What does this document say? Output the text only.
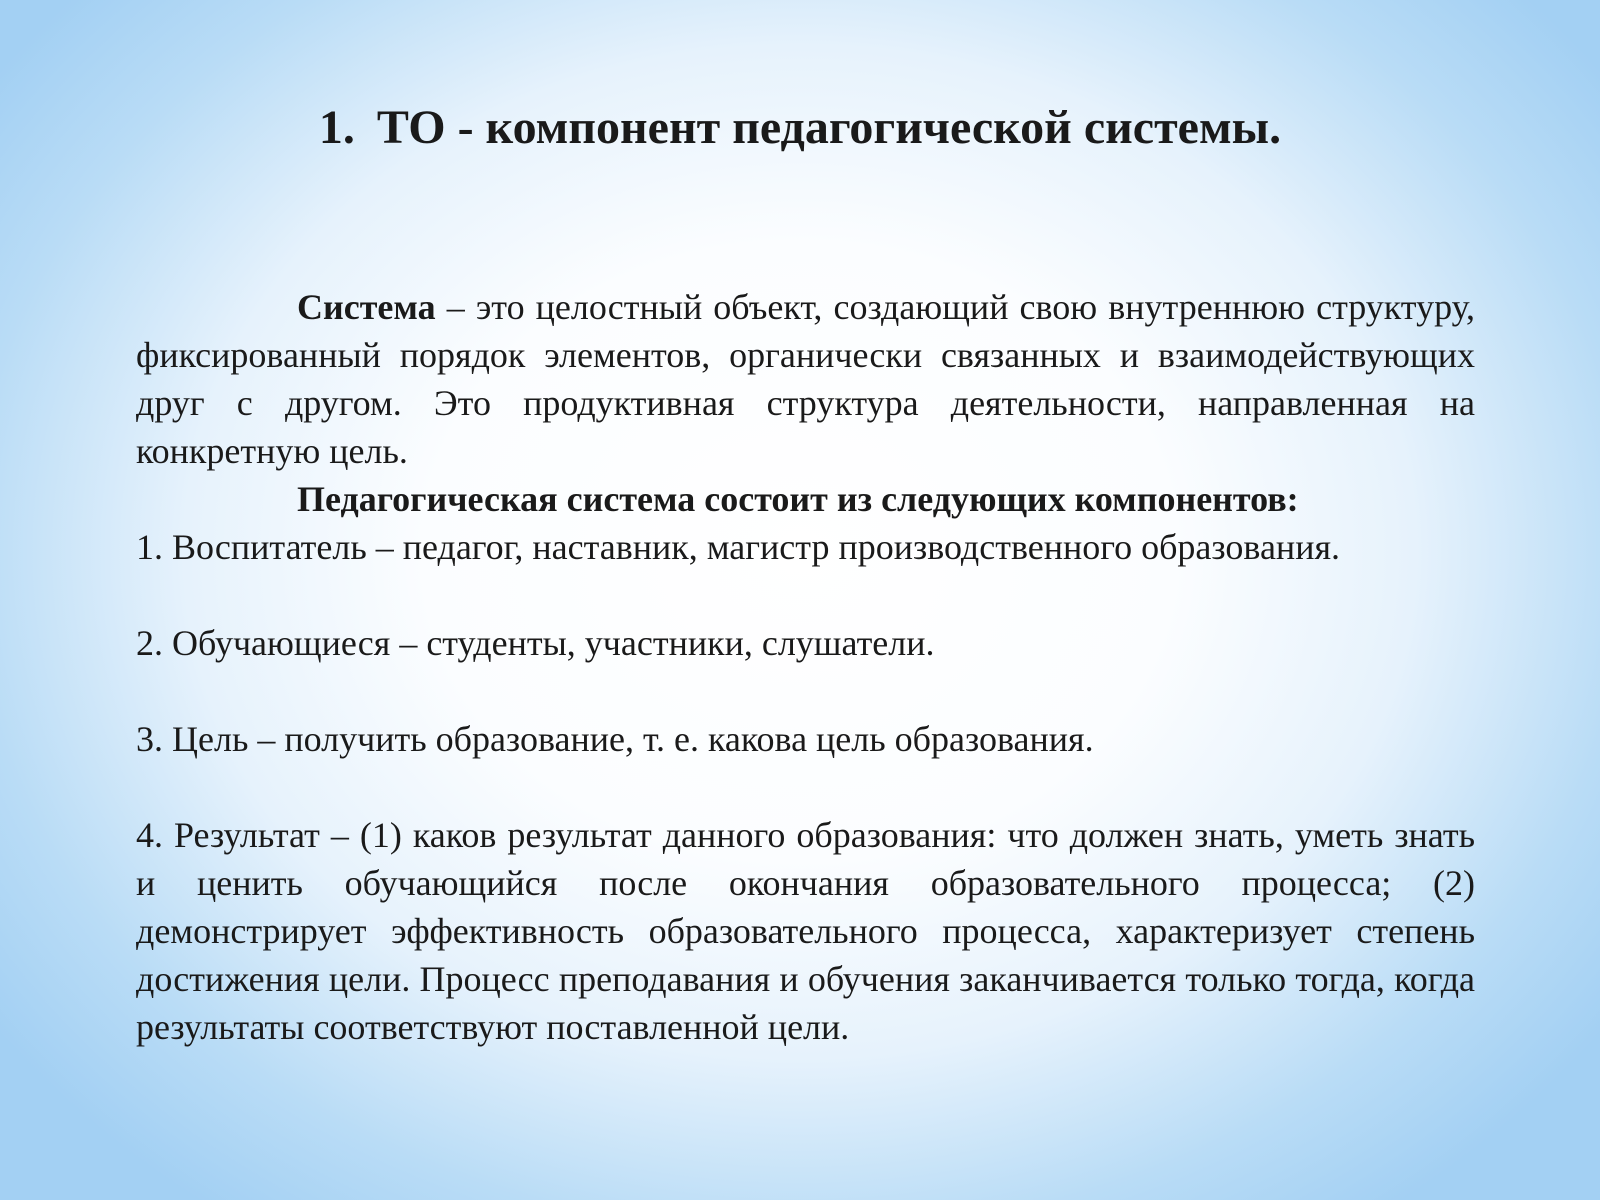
1. ТО - компонент педагогической системы.

Система – это целостный объект, создающий свою внутреннюю структуру, фиксированный порядок элементов, органически связанных и взаимодействующих друг с другом. Это продуктивная структура деятельности, направленная на конкретную цель.

Педагогическая система состоит из следующих компонентов:

1. Воспитатель – педагог, наставник, магистр производственного образования.

2. Обучающиеся – студенты, участники, слушатели.

3. Цель – получить образование, т. е. какова цель образования.

4. Результат – (1) каков результат данного образования: что должен знать, уметь знать и ценить обучающийся после окончания образовательного процесса; (2) демонстрирует эффективность образовательного процесса, характеризует степень достижения цели. Процесс преподавания и обучения заканчивается только тогда, когда результаты соответствуют поставленной цели.
